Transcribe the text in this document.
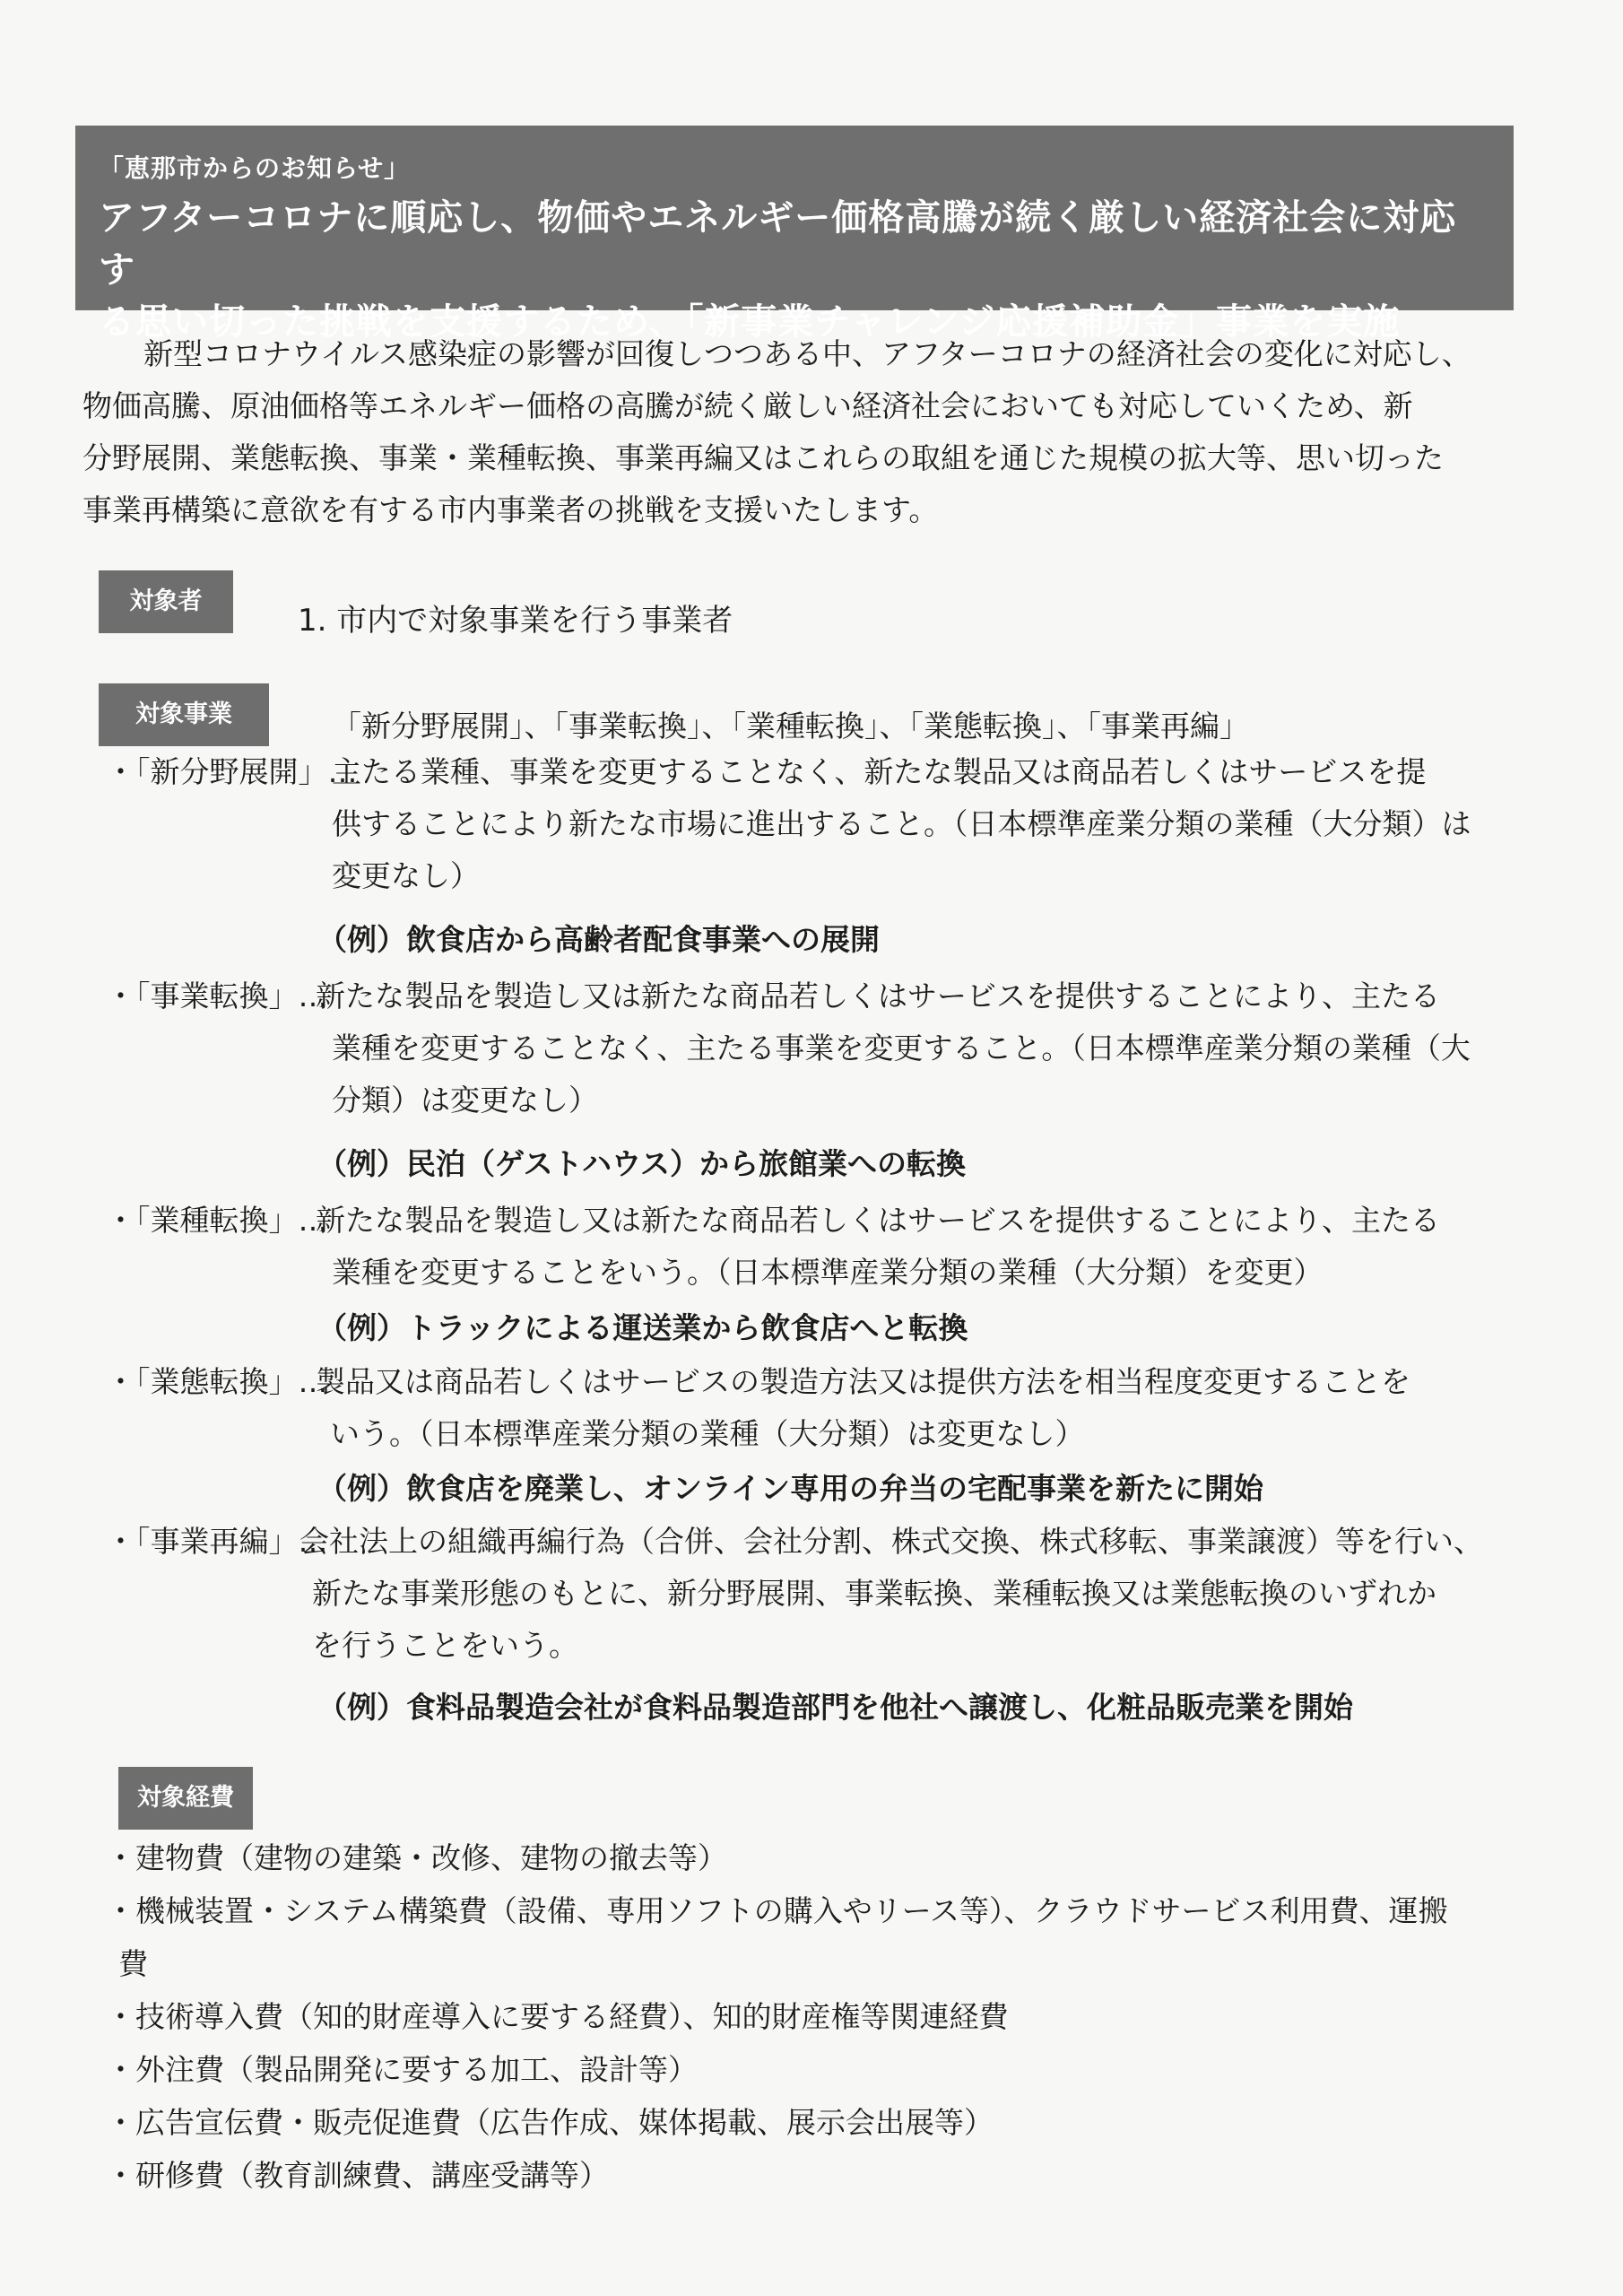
「恵那市からのお知らせ」
アフターコロナに順応し、物価やエネルギー価格高騰が続く厳しい経済社会に対応す
る思い切った挑戦を支援するため、「新事業チャレンジ応援補助金」事業を実施

新型コロナウイルス感染症の影響が回復しつつある中、アフターコロナの経済社会の変化に対応し、

物価高騰、原油価格等エネルギー価格の高騰が続く厳しい経済社会においても対応していくため、新
分野展開、業態転換、事業・業種転換、事業再編又はこれらの取組を通じた規模の拡大等、思い切った
事業再構築に意欲を有する市内事業者の挑戦を支援いたします。
対象者
1. 市内で対象事業を行う事業者
対象事業	「新分野展開」、「事業転換」、「業種転換」、「業態転換」、「事業再編」
・「新分野展開」…
主たる業種、事業を変更することなく、新たな製品又は商品若しくはサービスを提
供することにより新たな市場に進出すること。（日本標準産業分類の業種（大分類）は
変更なし）
（例）飲食店から高齢者配食事業への展開
・「事業転換」…
新たな製品を製造し又は新たな商品若しくはサービスを提供することにより、主たる
業種を変更することなく、主たる事業を変更すること。（日本標準産業分類の業種（大
分類）は変更なし）
（例）民泊（ゲストハウス）から旅館業への転換
・「業種転換」…
新たな製品を製造し又は新たな商品若しくはサービスを提供することにより、主たる
業種を変更することをいう。（日本標準産業分類の業種（大分類）を変更）
（例）トラックによる運送業から飲食店へと転換
・「業態転換」…
製品又は商品若しくはサービスの製造方法又は提供方法を相当程度変更することを
いう。（日本標準産業分類の業種（大分類）は変更なし）
（例）飲食店を廃業し、オンライン専用の弁当の宅配事業を新たに開始
・「事業再編」…
会社法上の組織再編行為（合併、会社分割、株式交換、株式移転、事業譲渡）等を行い、
新たな事業形態のもとに、新分野展開、事業転換、業種転換又は業態転換のいずれか
を行うことをいう。
（例）食料品製造会社が食料品製造部門を他社へ譲渡し、化粧品販売業を開始
対象経費
・建物費（建物の建築・改修、建物の撤去等）
・機械装置・システム構築費（設備、専用ソフトの購入やリース等）、クラウドサービス利用費、運搬
費
・技術導入費（知的財産導入に要する経費）、知的財産権等関連経費
・外注費（製品開発に要する加工、設計等）
・広告宣伝費・販売促進費（広告作成、媒体掲載、展示会出展等）
・研修費（教育訓練費、講座受講等）
